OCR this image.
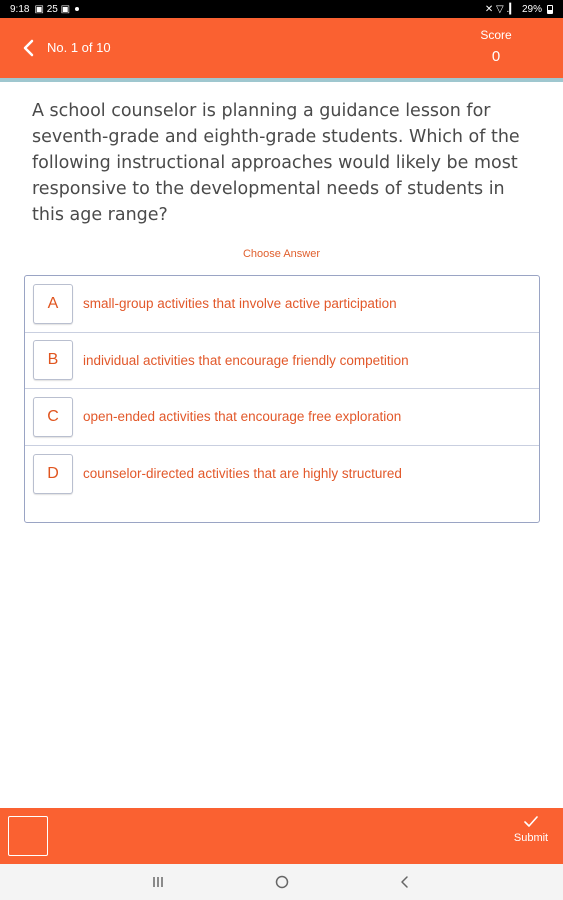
9:18 ▣ 25 ▣	✕ ▽ .▎ 29%
No. 1 of 10
Score
0

A school counselor is planning a guidance lesson for seventh-grade and eighth-grade students. Which of the following instructional approaches would likely be most responsive to the developmental needs of students in this age range?

Choose Answer
A	small-group activities that involve active participation
B	individual activities that encourage friendly competition
C	open-ended activities that encourage free exploration
D	counselor-directed activities that are highly structured
Submit
